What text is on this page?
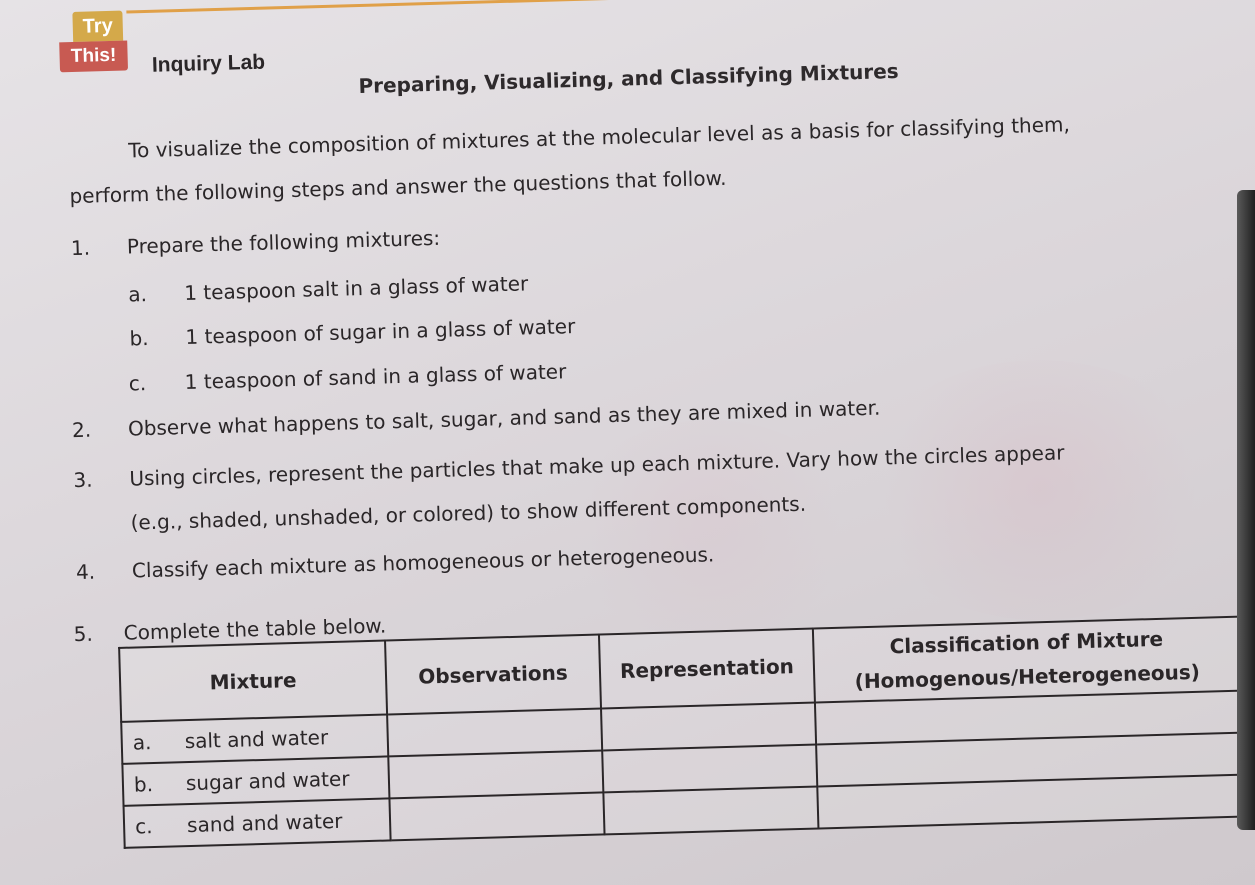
Try
This!	Inquiry Lab	Preparing, Visualizing, and Classifying Mixtures
To visualize the composition of mixtures at the molecular level as a basis for classifying them,
perform the following steps and answer the questions that follow.
1. Prepare the following mixtures:
a. 1 teaspoon salt in a glass of water
b. 1 teaspoon of sugar in a glass of water
c. 1 teaspoon of sand in a glass of water
2. Observe what happens to salt, sugar, and sand as they are mixed in water.
3. Using circles, represent the particles that make up each mixture. Vary how the circles appear
(e.g., shaded, unshaded, or colored) to show different components.
4. Classify each mixture as homogeneous or heterogeneous.
5. Complete the table below.
Mixture	Observations	Representation	Classification of Mixture
(Homogenous/Heterogeneous)

a. salt and water			
b. sugar and water			
c. sand and water			
